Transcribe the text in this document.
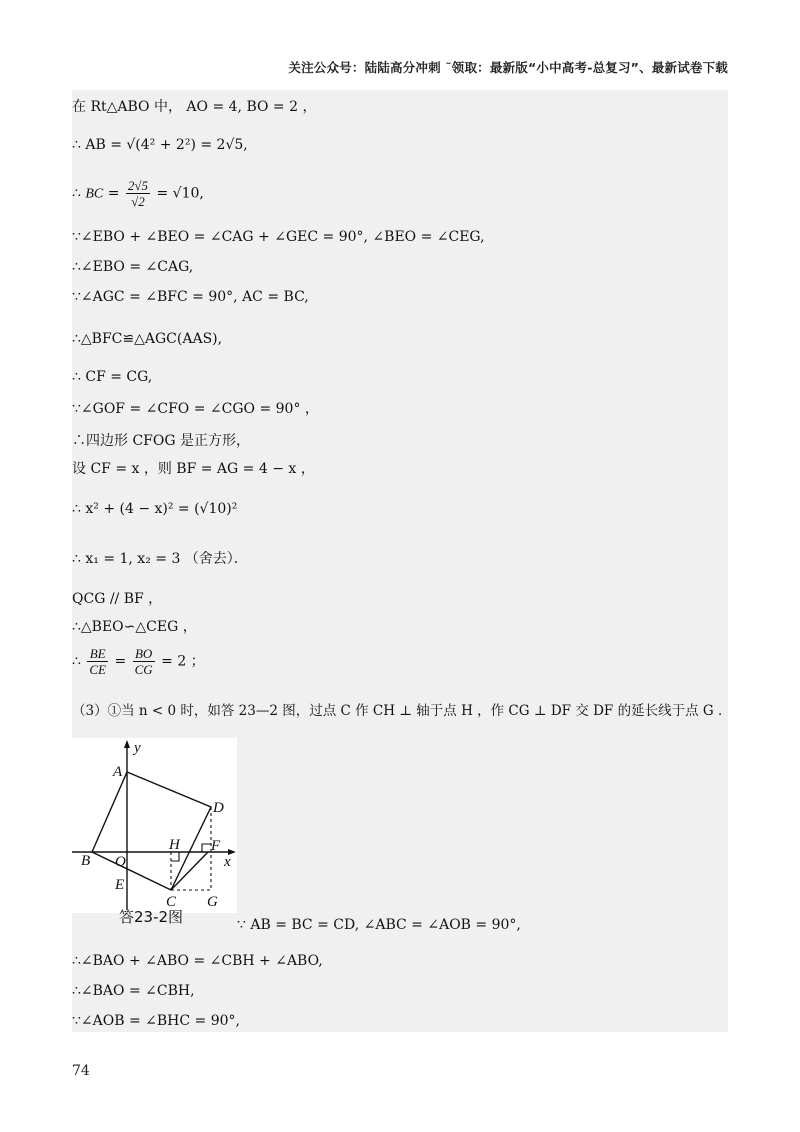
关注公众号：陆陆高分冲刺 ˜领取：最新版“小中高考-总复习”、最新试卷下载
在 Rt△ABO 中， AO = 4, BO = 2 ，
∴ AB = √(4² + 2²) = 2√5,
∴ BC = $\frac{2√5}{√2} = √10$,
∵∠EBO + ∠BEO = ∠CAG + ∠GEC = 90°, ∠BEO = ∠CEG,
∴∠EBO = ∠CAG,
∵∠AGC = ∠BFC = 90°, AC = BC,
∴△BFC≌△AGC(AAS),
∴ CF = CG,
∵∠GOF = ∠CFO = ∠CGO = 90° ，
∴四边形 CFOG 是正方形，
设 CF = x ，则 BF = AG = 4 − x ，
∴ x² + (4 − x)² = (√10)²
∴ x₁ = 1, x₂ = 3 （舍去）．
QCG // BF ，
∴△BEO∽△CEG ，
∴ $\frac{BE}{CE} = \frac{BO}{CG} = 2$ ；
（3）①当 n < 0 时，如答 23—2 图，过点 C 作 CH ⊥ 轴于点 H ，作 CG ⊥ DF 交 DF 的延长线于点 G ．
y
x
A
D
H F
B O
E
C G
答23-2图	∵ AB = BC = CD, ∠ABC = ∠AOB = 90°,
∴∠BAO + ∠ABO = ∠CBH + ∠ABO,
∴∠BAO = ∠CBH,
∵∠AOB = ∠BHC = 90°,
74
